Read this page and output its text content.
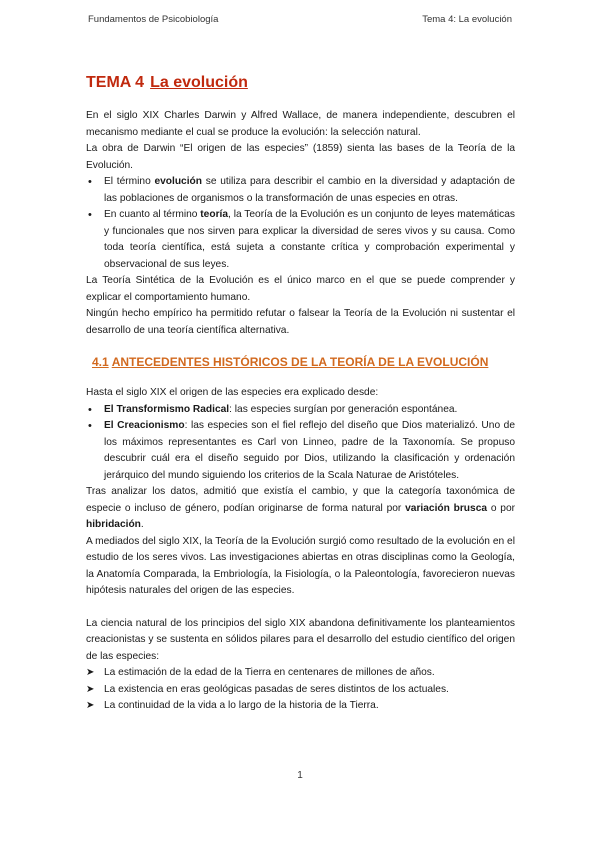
Fundamentos de Psicobiología	Tema 4: La evolución
TEMA 4 La evolución

En el siglo XIX Charles Darwin y Alfred Wallace, de manera independiente, descubren el mecanismo mediante el cual se produce la evolución: la selección natural.

La obra de Darwin “El origen de las especies” (1859) sienta las bases de la Teoría de la Evolución.

• El término evolución se utiliza para describir el cambio en la diversidad y adaptación de las poblaciones de organismos o la transformación de unas especies en otras.
• En cuanto al término teoría, la Teoría de la Evolución es un conjunto de leyes matemáticas y funcionales que nos sirven para explicar la diversidad de seres vivos y su causa. Como toda teoría científica, está sujeta a constante crítica y comprobación experimental y observacional de sus leyes.

La Teoría Sintética de la Evolución es el único marco en el que se puede comprender y explicar el comportamiento humano.

Ningún hecho empírico ha permitido refutar o falsear la Teoría de la Evolución ni sustentar el desarrollo de una teoría científica alternativa.

4.1 ANTECEDENTES HISTÓRICOS DE LA TEORÍA DE LA EVOLUCIÓN

Hasta el siglo XIX el origen de las especies era explicado desde:

• El Transformismo Radical: las especies surgían por generación espontánea.
• El Creacionismo: las especies son el fiel reflejo del diseño que Dios materializó. Uno de los máximos representantes es Carl von Linneo, padre de la Taxonomía. Se propuso descubrir cuál era el diseño seguido por Dios, utilizando la clasificación y ordenación jerárquico del mundo siguiendo los criterios de la Scala Naturae de Aristóteles.

Tras analizar los datos, admitió que existía el cambio, y que la categoría taxonómica de especie o incluso de género, podían originarse de forma natural por variación brusca o por hibridación.

A mediados del siglo XIX, la Teoría de la Evolución surgió como resultado de la evolución en el estudio de los seres vivos. Las investigaciones abiertas en otras disciplinas como la Geología, la Anatomía Comparada, la Embriología, la Fisiología, o la Paleontología, favorecieron nuevas hipótesis naturales del origen de las especies.

La ciencia natural de los principios del siglo XIX abandona definitivamente los planteamientos creacionistas y se sustenta en sólidos pilares para el desarrollo del estudio científico del origen de las especies:

➤ La estimación de la edad de la Tierra en centenares de millones de años.
➤ La existencia en eras geológicas pasadas de seres distintos de los actuales.
➤ La continuidad de la vida a lo largo de la historia de la Tierra.
1
